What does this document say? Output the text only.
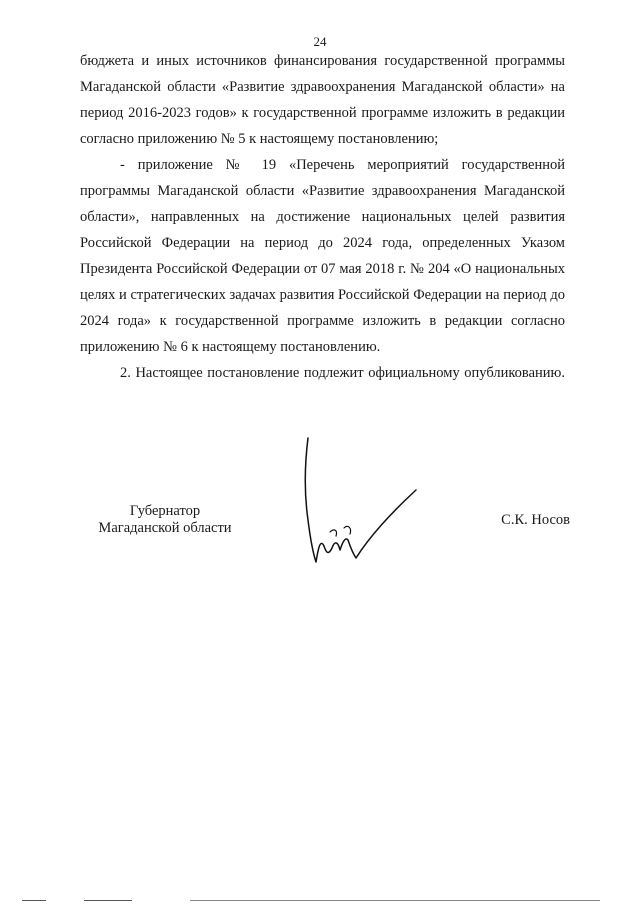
24

бюджета и иных источников финансирования государственной программы Магаданской области «Развитие здравоохранения Магаданской области» на период 2016-2023 годов» к государственной программе изложить в редакции согласно приложению № 5 к настоящему постановлению;

- приложение № 19 «Перечень мероприятий государственной программы Магаданской области «Развитие здравоохранения Магаданской области», направленных на достижение национальных целей развития Российской Федерации на период до 2024 года, определенных Указом Президента Российской Федерации от 07 мая 2018 г. № 204 «О национальных целях и стратегических задачах развития Российской Федерации на период до 2024 года» к государственной программе изложить в редакции согласно приложению № 6 к настоящему постановлению.

2. Настоящее постановление подлежит официальному опубликованию.

Губернатор
Магаданской области	С.К. Носов
